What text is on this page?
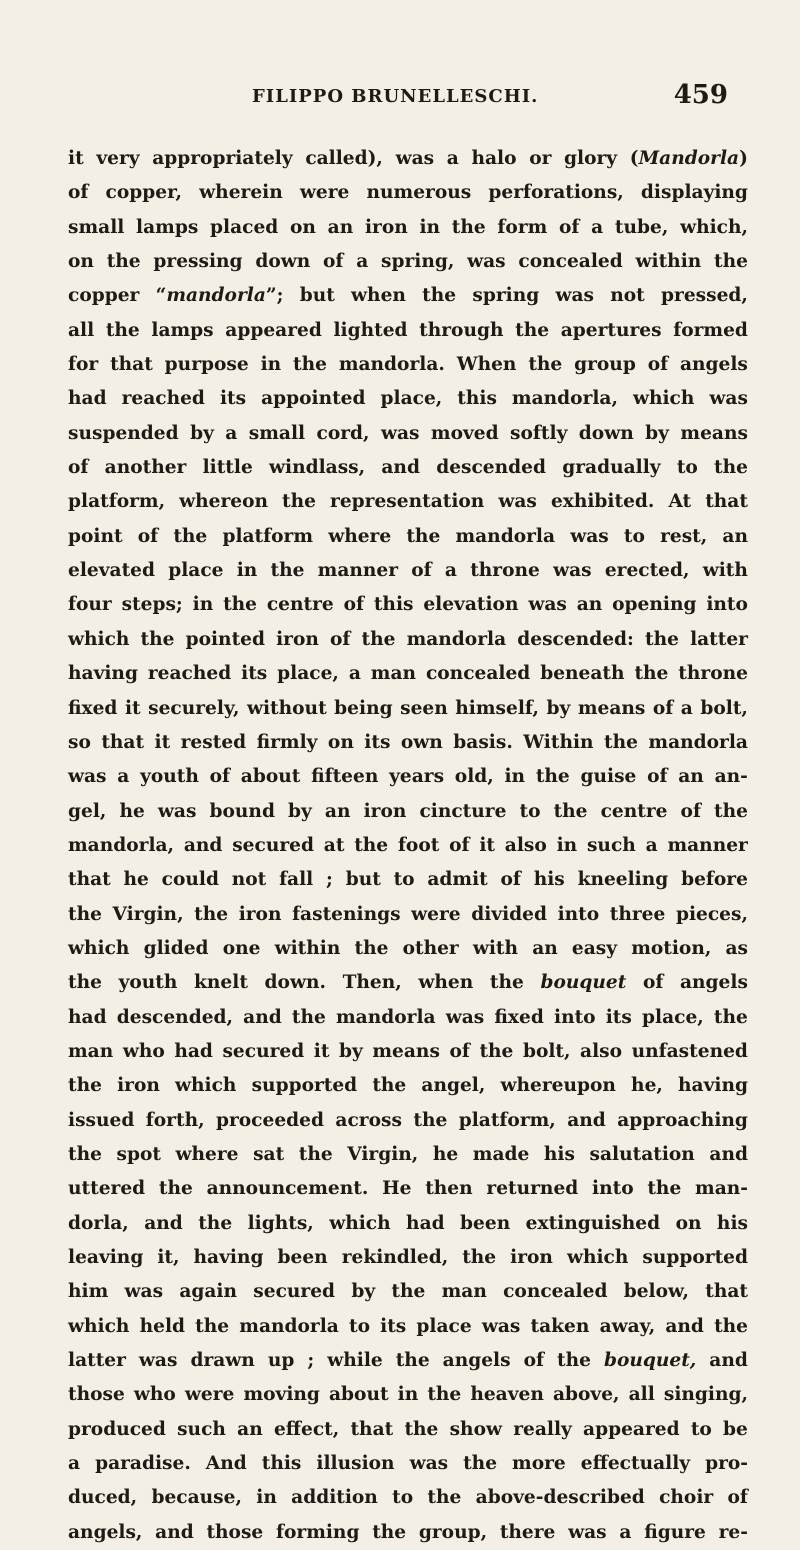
FILIPPO BRUNELLESCHI.	459
it very appropriately called), was a halo or glory (Mandorla)
of copper, wherein were numerous perforations, displaying
small lamps placed on an iron in the form of a tube, which,
on the pressing down of a spring, was concealed within the
copper “mandorla”; but when the spring was not pressed,
all the lamps appeared lighted through the apertures formed
for that purpose in the mandorla. When the group of angels
had reached its appointed place, this mandorla, which was
suspended by a small cord, was moved softly down by means
of another little windlass, and descended gradually to the
platform, whereon the representation was exhibited. At that
point of the platform where the mandorla was to rest, an
elevated place in the manner of a throne was erected, with
four steps; in the centre of this elevation was an opening into
which the pointed iron of the mandorla descended: the latter
having reached its place, a man concealed beneath the throne
fixed it securely, without being seen himself, by means of a bolt,
so that it rested firmly on its own basis. Within the mandorla
was a youth of about fifteen years old, in the guise of an an-
gel, he was bound by an iron cincture to the centre of the
mandorla, and secured at the foot of it also in such a manner
that he could not fall ; but to admit of his kneeling before
the Virgin, the iron fastenings were divided into three pieces,
which glided one within the other with an easy motion, as
the youth knelt down. Then, when the bouquet of angels
had descended, and the mandorla was fixed into its place, the
man who had secured it by means of the bolt, also unfastened
the iron which supported the angel, whereupon he, having
issued forth, proceeded across the platform, and approaching
the spot where sat the Virgin, he made his salutation and
uttered the announcement. He then returned into the man-
dorla, and the lights, which had been extinguished on his
leaving it, having been rekindled, the iron which supported
him was again secured by the man concealed below, that
which held the mandorla to its place was taken away, and the
latter was drawn up ; while the angels of the bouquet, and
those who were moving about in the heaven above, all singing,
produced such an effect, that the show really appeared to be
a paradise. And this illusion was the more effectually pro-
duced, because, in addition to the above-described choir of
angels, and those forming the group, there was a figure re-
